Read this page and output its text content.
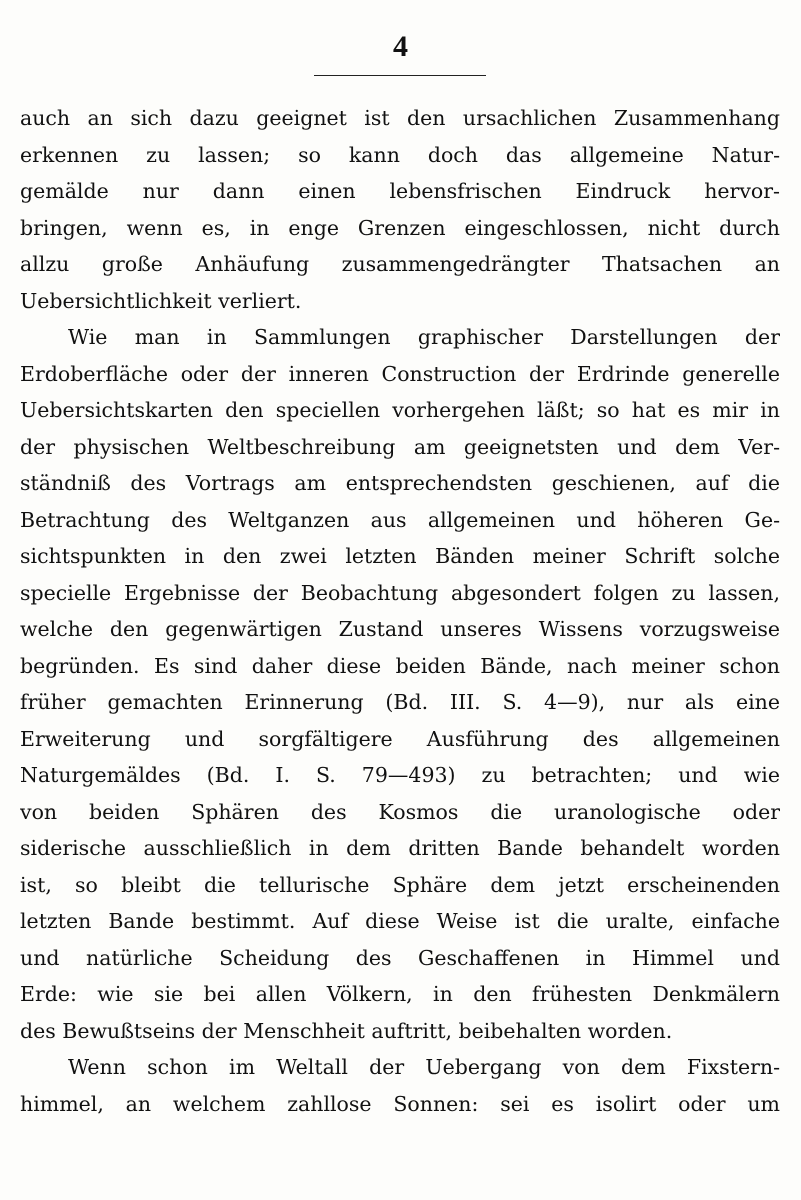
4
auch an sich dazu geeignet ist den ursachlichen Zusammenhang
erkennen zu lassen; so kann doch das allgemeine Natur-
gemälde nur dann einen lebensfrischen Eindruck hervor-
bringen, wenn es, in enge Grenzen eingeschlossen, nicht durch
allzu große Anhäufung zusammengedrängter Thatsachen an
Uebersichtlichkeit verliert.
Wie man in Sammlungen graphischer Darstellungen der
Erdoberfläche oder der inneren Construction der Erdrinde generelle
Uebersichtskarten den speciellen vorhergehen läßt; so hat es mir in
der physischen Weltbeschreibung am geeignetsten und dem Ver-
ständniß des Vortrags am entsprechendsten geschienen, auf die
Betrachtung des Weltganzen aus allgemeinen und höheren Ge-
sichtspunkten in den zwei letzten Bänden meiner Schrift solche
specielle Ergebnisse der Beobachtung abgesondert folgen zu lassen,
welche den gegenwärtigen Zustand unseres Wissens vorzugsweise
begründen. Es sind daher diese beiden Bände, nach meiner schon
früher gemachten Erinnerung (Bd. III. S. 4—9), nur als eine
Erweiterung und sorgfältigere Ausführung des allgemeinen
Naturgemäldes (Bd. I. S. 79—493) zu betrachten; und wie
von beiden Sphären des Kosmos die uranologische oder
siderische ausschließlich in dem dritten Bande behandelt worden
ist, so bleibt die tellurische Sphäre dem jetzt erscheinenden
letzten Bande bestimmt. Auf diese Weise ist die uralte, einfache
und natürliche Scheidung des Geschaffenen in Himmel und
Erde: wie sie bei allen Völkern, in den frühesten Denkmälern
des Bewußtseins der Menschheit auftritt, beibehalten worden.
Wenn schon im Weltall der Uebergang von dem Fixstern-
himmel, an welchem zahllose Sonnen: sei es isolirt oder um
